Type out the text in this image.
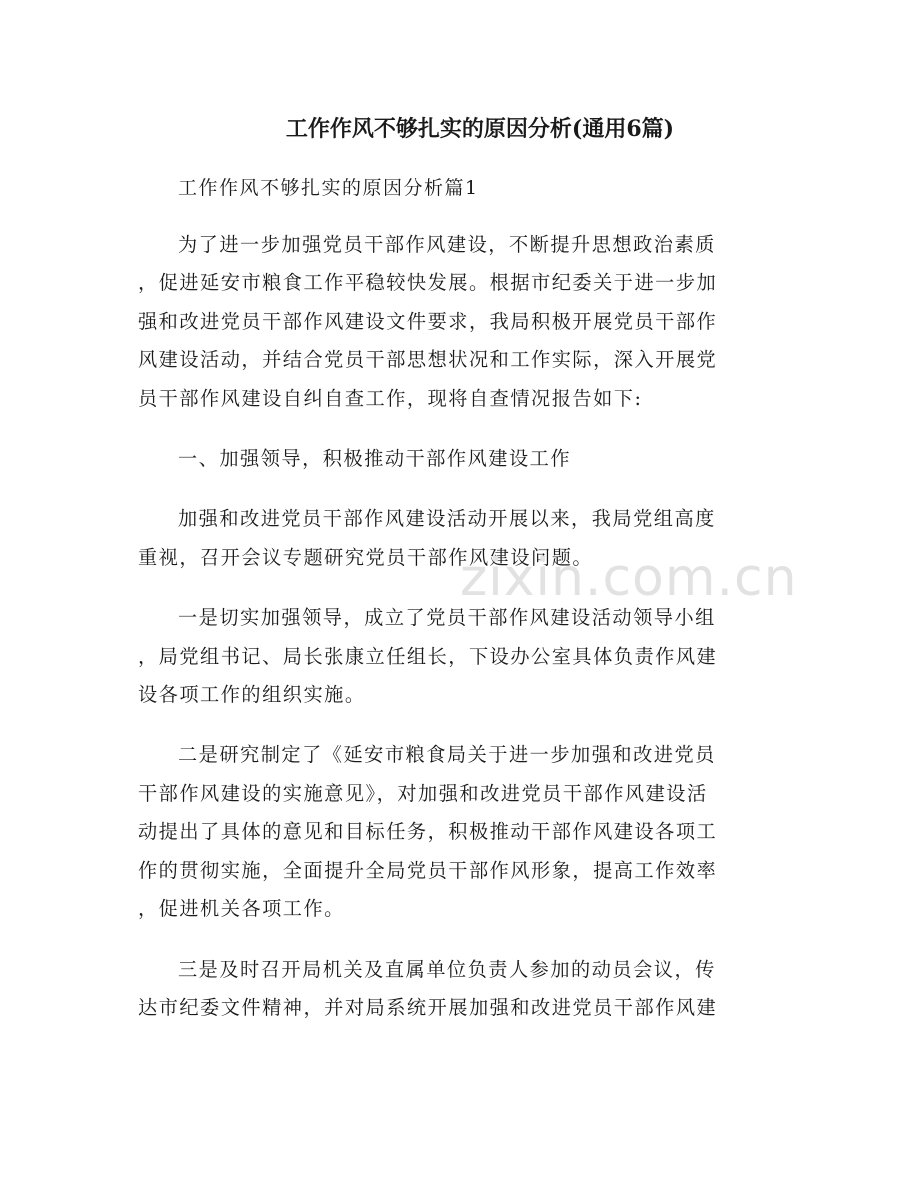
工作作风不够扎实的原因分析(通用6篇)
工作作风不够扎实的原因分析篇1

为了进一步加强党员干部作风建设，不断提升思想政治素质
，促进延安市粮食工作平稳较快发展。根据市纪委关于进一步加
强和改进党员干部作风建设文件要求，我局积极开展党员干部作
风建设活动，并结合党员干部思想状况和工作实际，深入开展党
员干部作风建设自纠自查工作，现将自查情况报告如下:

一、加强领导，积极推动干部作风建设工作

加强和改进党员干部作风建设活动开展以来，我局党组高度
重视，召开会议专题研究党员干部作风建设问题。

一是切实加强领导，成立了党员干部作风建设活动领导小组
，局党组书记、局长张康立任组长，下设办公室具体负责作风建
设各项工作的组织实施。

二是研究制定了《延安市粮食局关于进一步加强和改进党员
干部作风建设的实施意见》，对加强和改进党员干部作风建设活
动提出了具体的意见和目标任务，积极推动干部作风建设各项工
作的贯彻实施，全面提升全局党员干部作风形象，提高工作效率
，促进机关各项工作。

三是及时召开局机关及直属单位负责人参加的动员会议，传
达市纪委文件精神，并对局系统开展加强和改进党员干部作风建

zixin.com.cn
